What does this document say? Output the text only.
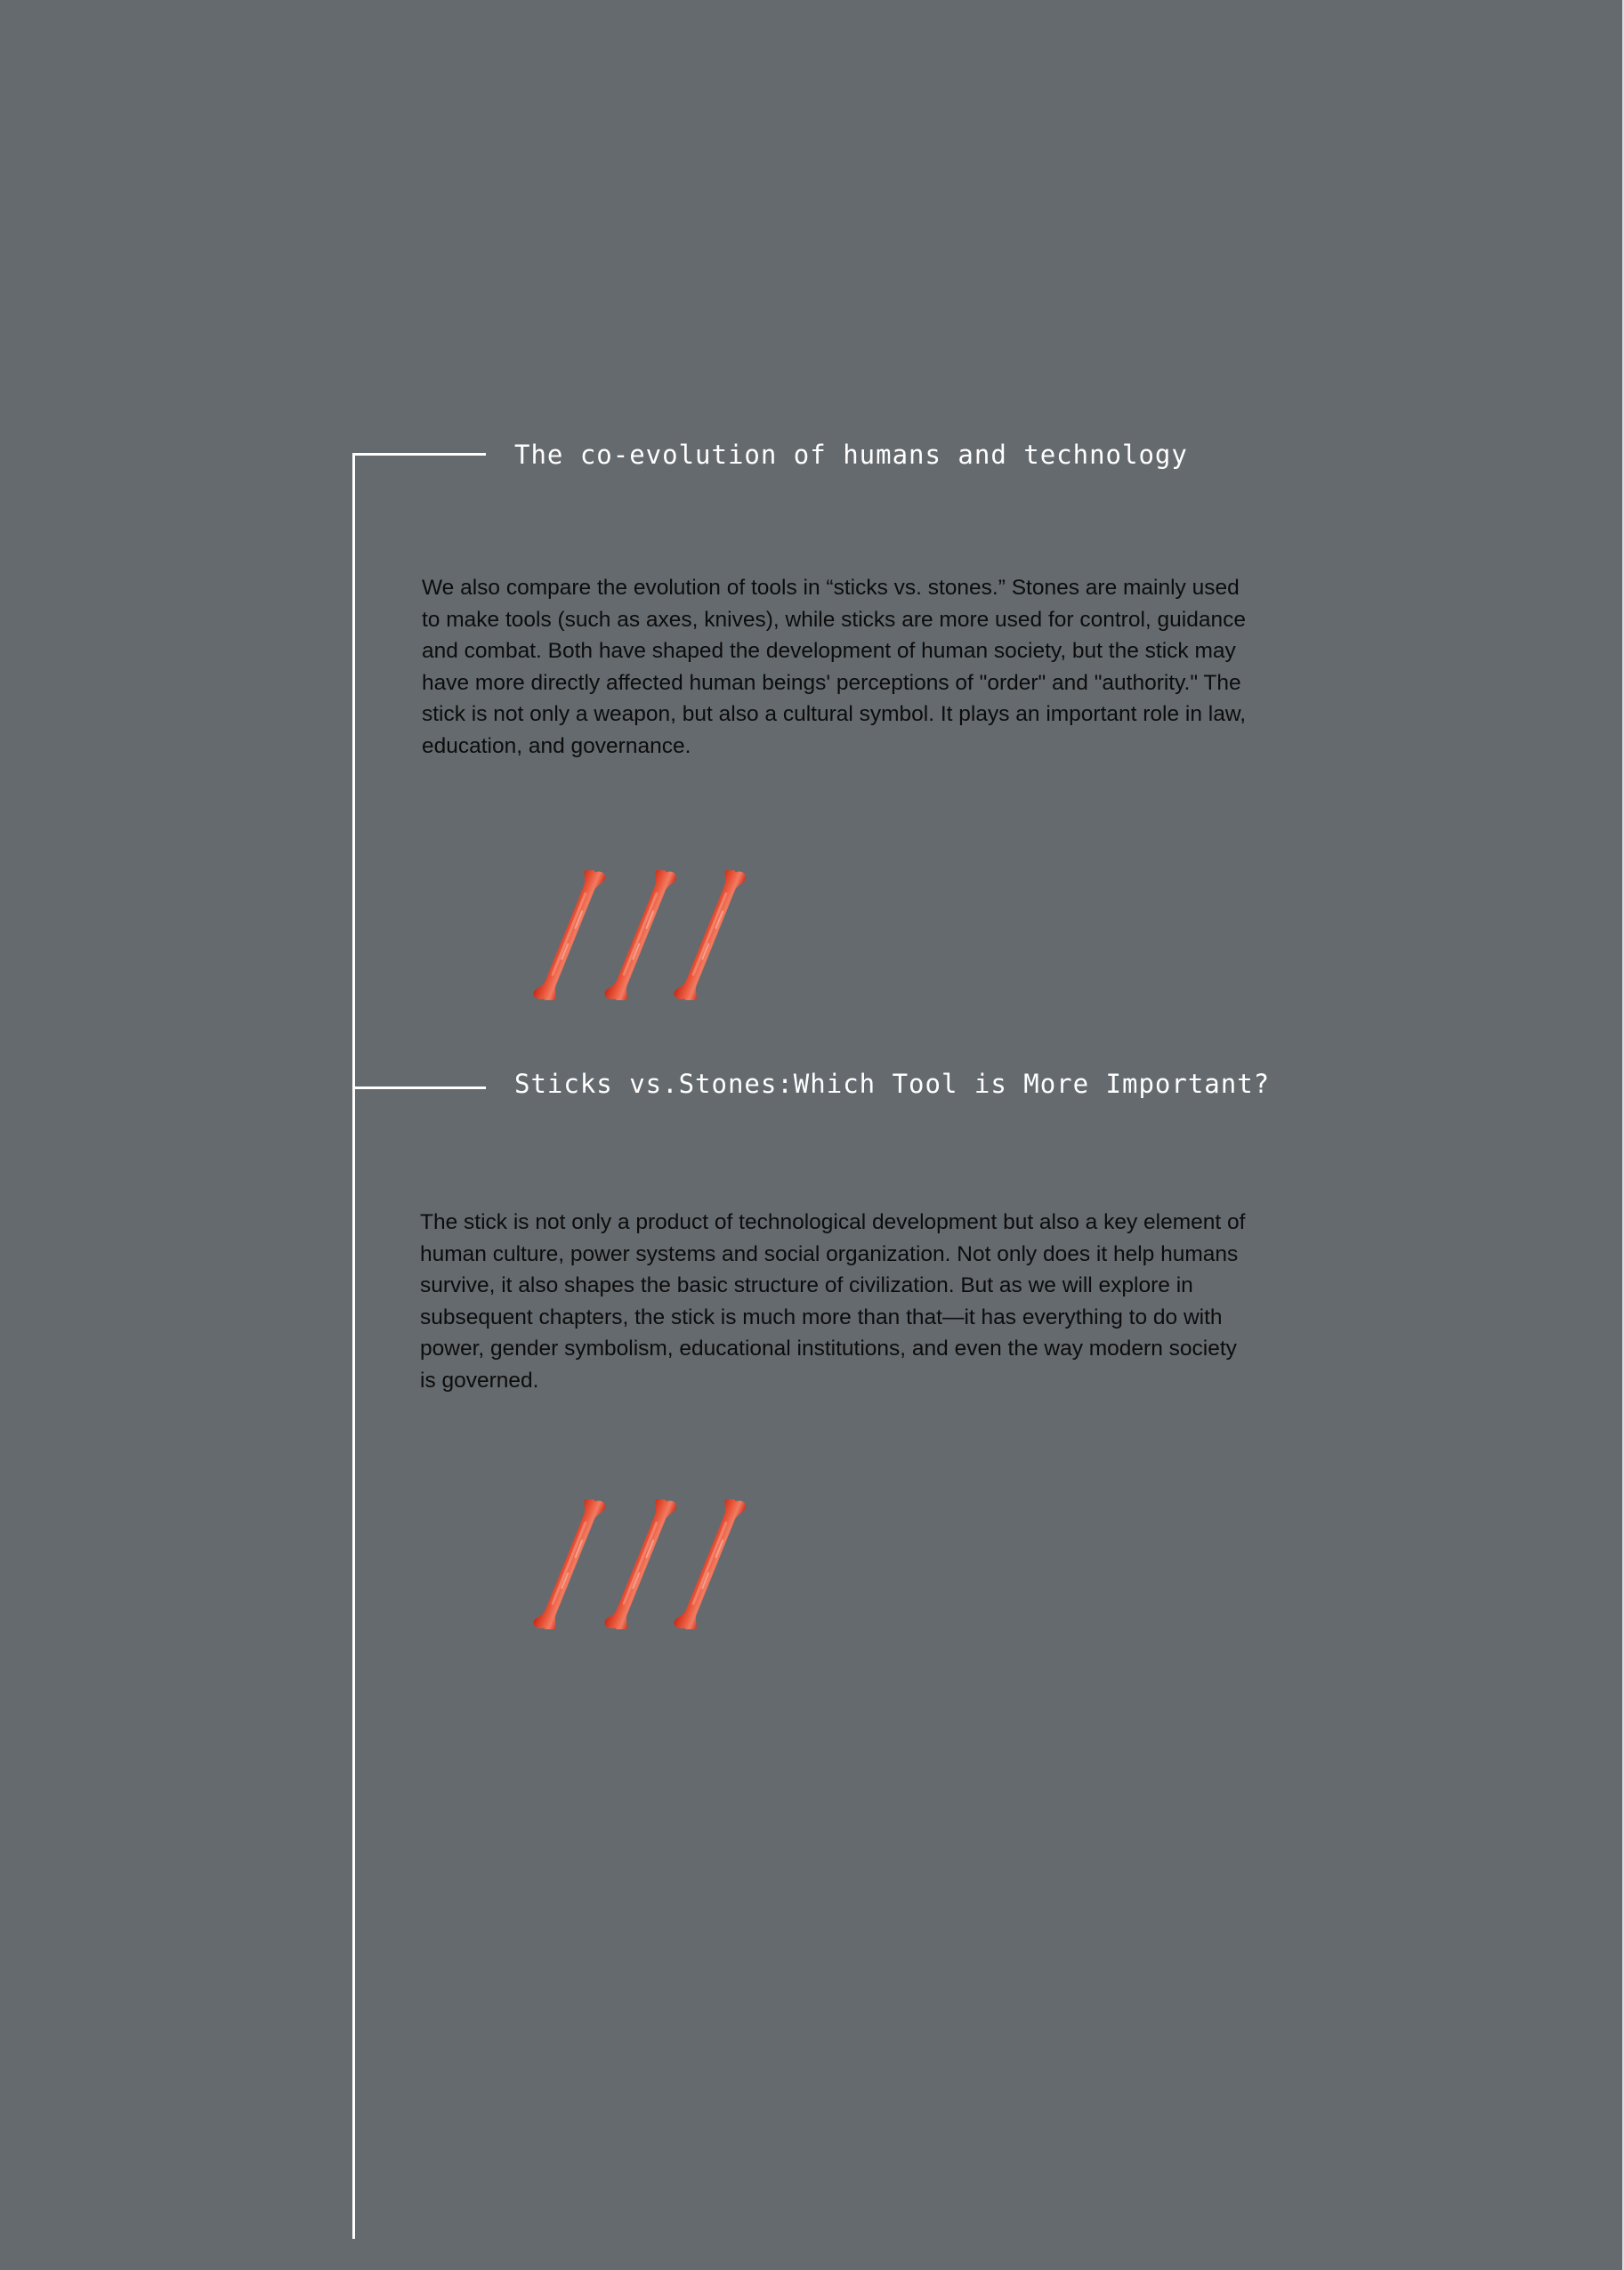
The co-evolution of humans and technology

We also compare the evolution of tools in “sticks vs. stones.” Stones are mainly used to make tools (such as axes, knives), while sticks are more used for control, guidance and combat. Both have shaped the development of human society, but the stick may have more directly affected human beings' perceptions of "order" and "authority." The stick is not only a weapon, but also a cultural symbol. It plays an important role in law, education, and governance.

Sticks vs.Stones:Which Tool is More Important?

The stick is not only a product of technological development but also a key element of human culture, power systems and social organization. Not only does it help humans survive, it also shapes the basic structure of civilization. But as we will explore in subsequent chapters, the stick is much more than that—it has everything to do with power, gender symbolism, educational institutions, and even the way modern society is governed.
